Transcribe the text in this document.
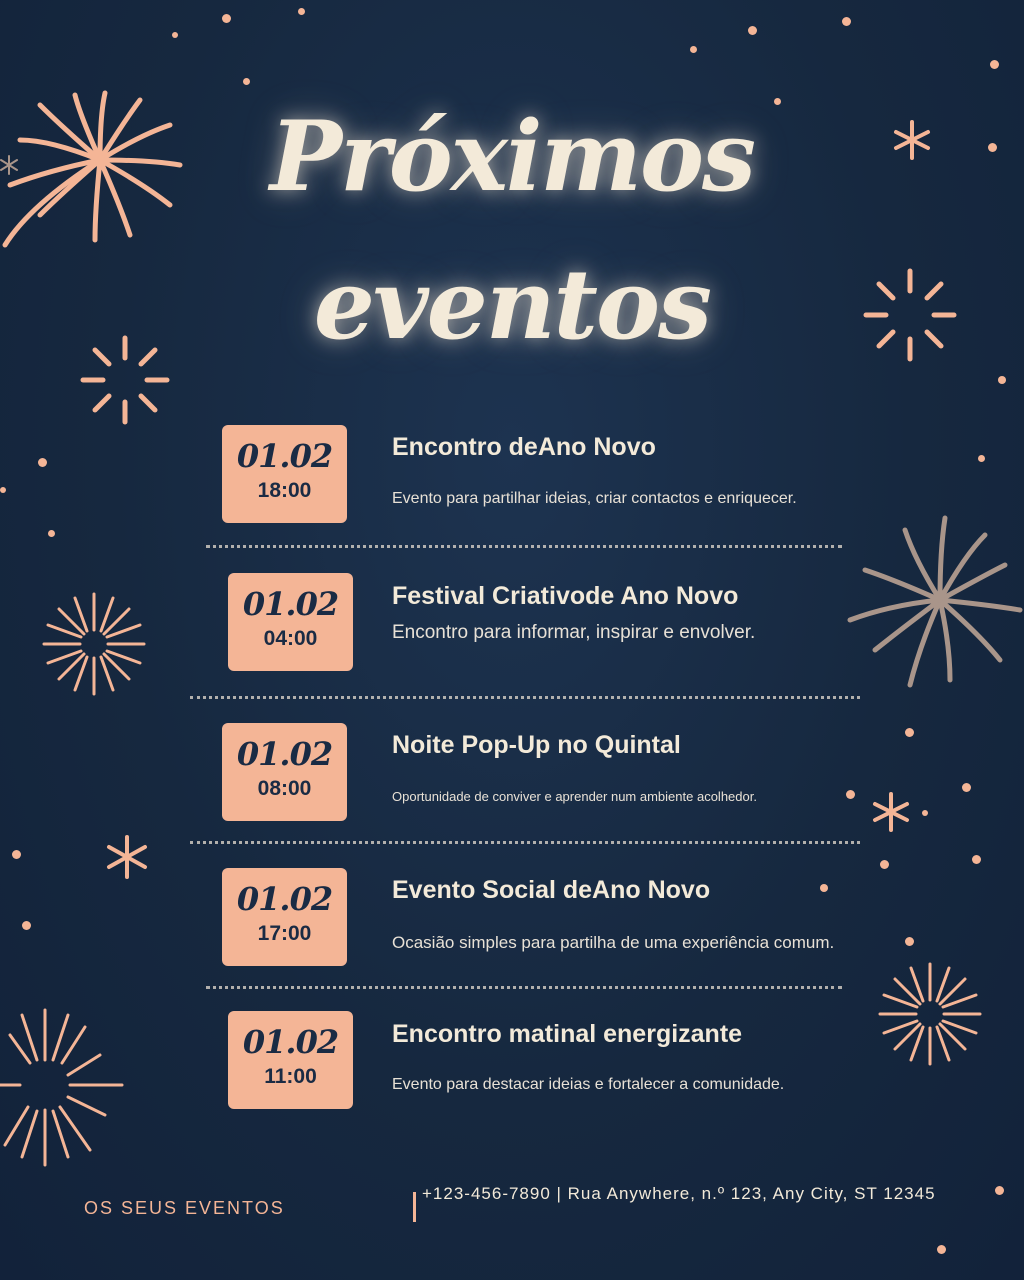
Próximos
eventos
01.02
18:00
Encontro deAno Novo
Evento para partilhar ideias, criar contactos e enriquecer.
01.02
04:00
Festival Criativode Ano Novo
Encontro para informar, inspirar e envolver.
01.02
08:00
Noite Pop-Up no Quintal
Oportunidade de conviver e aprender num ambiente acolhedor.
01.02
17:00
Evento Social deAno Novo
Ocasião simples para partilha de uma experiência comum.
01.02
11:00
Encontro matinal energizante
Evento para destacar ideias e fortalecer a comunidade.
OS SEUS EVENTOS
+123-456-7890 | Rua Anywhere, n.º 123, Any City, ST 12345
